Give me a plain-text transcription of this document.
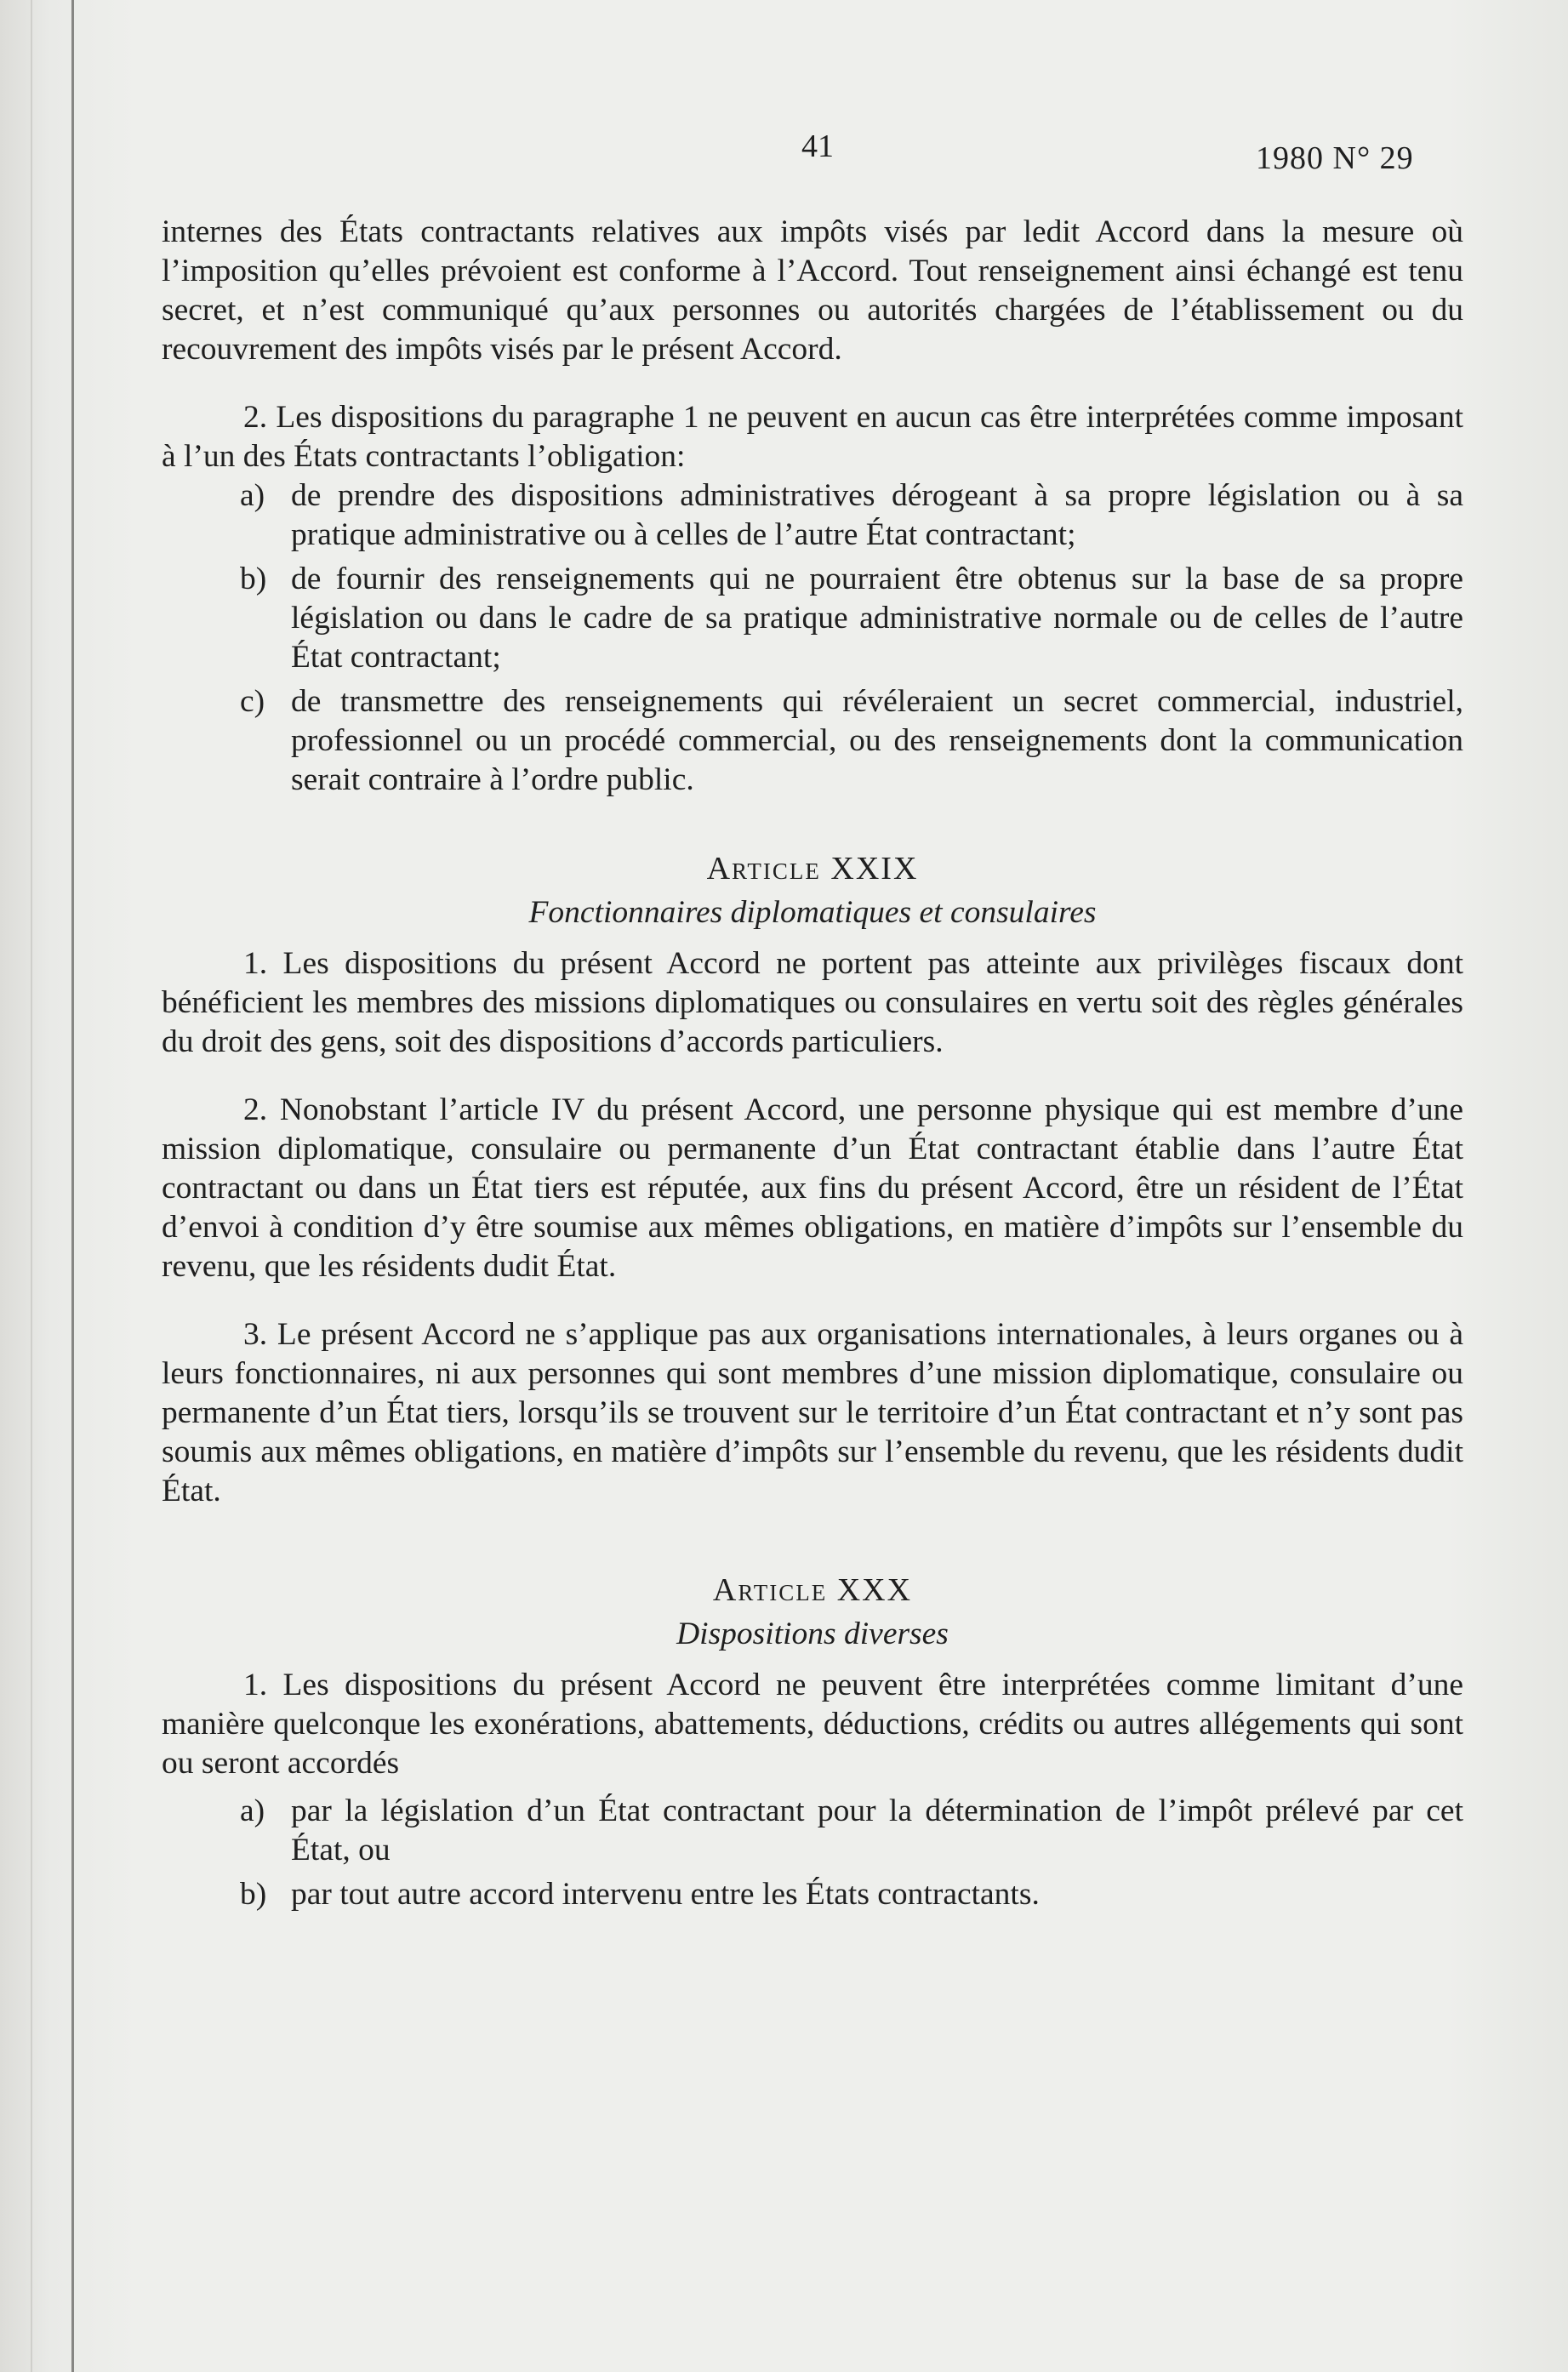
41	1980 N° 29

internes des États contractants relatives aux impôts visés par ledit Accord dans la mesure où l’imposition qu’elles prévoient est conforme à l’Accord. Tout renseignement ainsi échangé est tenu secret, et n’est communiqué qu’aux personnes ou autorités chargées de l’établissement ou du recouvrement des impôts visés par le présent Accord.

2. Les dispositions du paragraphe 1 ne peuvent en aucun cas être interprétées comme imposant à l’un des États contractants l’obligation:

a) de prendre des dispositions administratives dérogeant à sa propre législation ou à sa pratique administrative ou à celles de l’autre État contractant;
b) de fournir des renseignements qui ne pourraient être obtenus sur la base de sa propre législation ou dans le cadre de sa pratique administrative normale ou de celles de l’autre État contractant;
c) de transmettre des renseignements qui révéleraient un secret commercial, industriel, professionnel ou un procédé commercial, ou des renseignements dont la communication serait contraire à l’ordre public.
Article XXIX
Fonctionnaires diplomatiques et consulaires

1. Les dispositions du présent Accord ne portent pas atteinte aux privilèges fiscaux dont bénéficient les membres des missions diplomatiques ou consulaires en vertu soit des règles générales du droit des gens, soit des dispositions d’accords particuliers.

2. Nonobstant l’article IV du présent Accord, une personne physique qui est membre d’une mission diplomatique, consulaire ou permanente d’un État contractant établie dans l’autre État contractant ou dans un État tiers est réputée, aux fins du présent Accord, être un résident de l’État d’envoi à condition d’y être soumise aux mêmes obligations, en matière d’impôts sur l’ensemble du revenu, que les résidents dudit État.

3. Le présent Accord ne s’applique pas aux organisations internationales, à leurs organes ou à leurs fonctionnaires, ni aux personnes qui sont membres d’une mission diplomatique, consulaire ou permanente d’un État tiers, lorsqu’ils se trouvent sur le territoire d’un État contractant et n’y sont pas soumis aux mêmes obligations, en matière d’impôts sur l’ensemble du revenu, que les résidents dudit État.

Article XXX
Dispositions diverses

1. Les dispositions du présent Accord ne peuvent être interprétées comme limitant d’une manière quelconque les exonérations, abattements, déductions, crédits ou autres allégements qui sont ou seront accordés

a) par la législation d’un État contractant pour la détermination de l’impôt prélevé par cet État, ou
b) par tout autre accord intervenu entre les États contractants.
